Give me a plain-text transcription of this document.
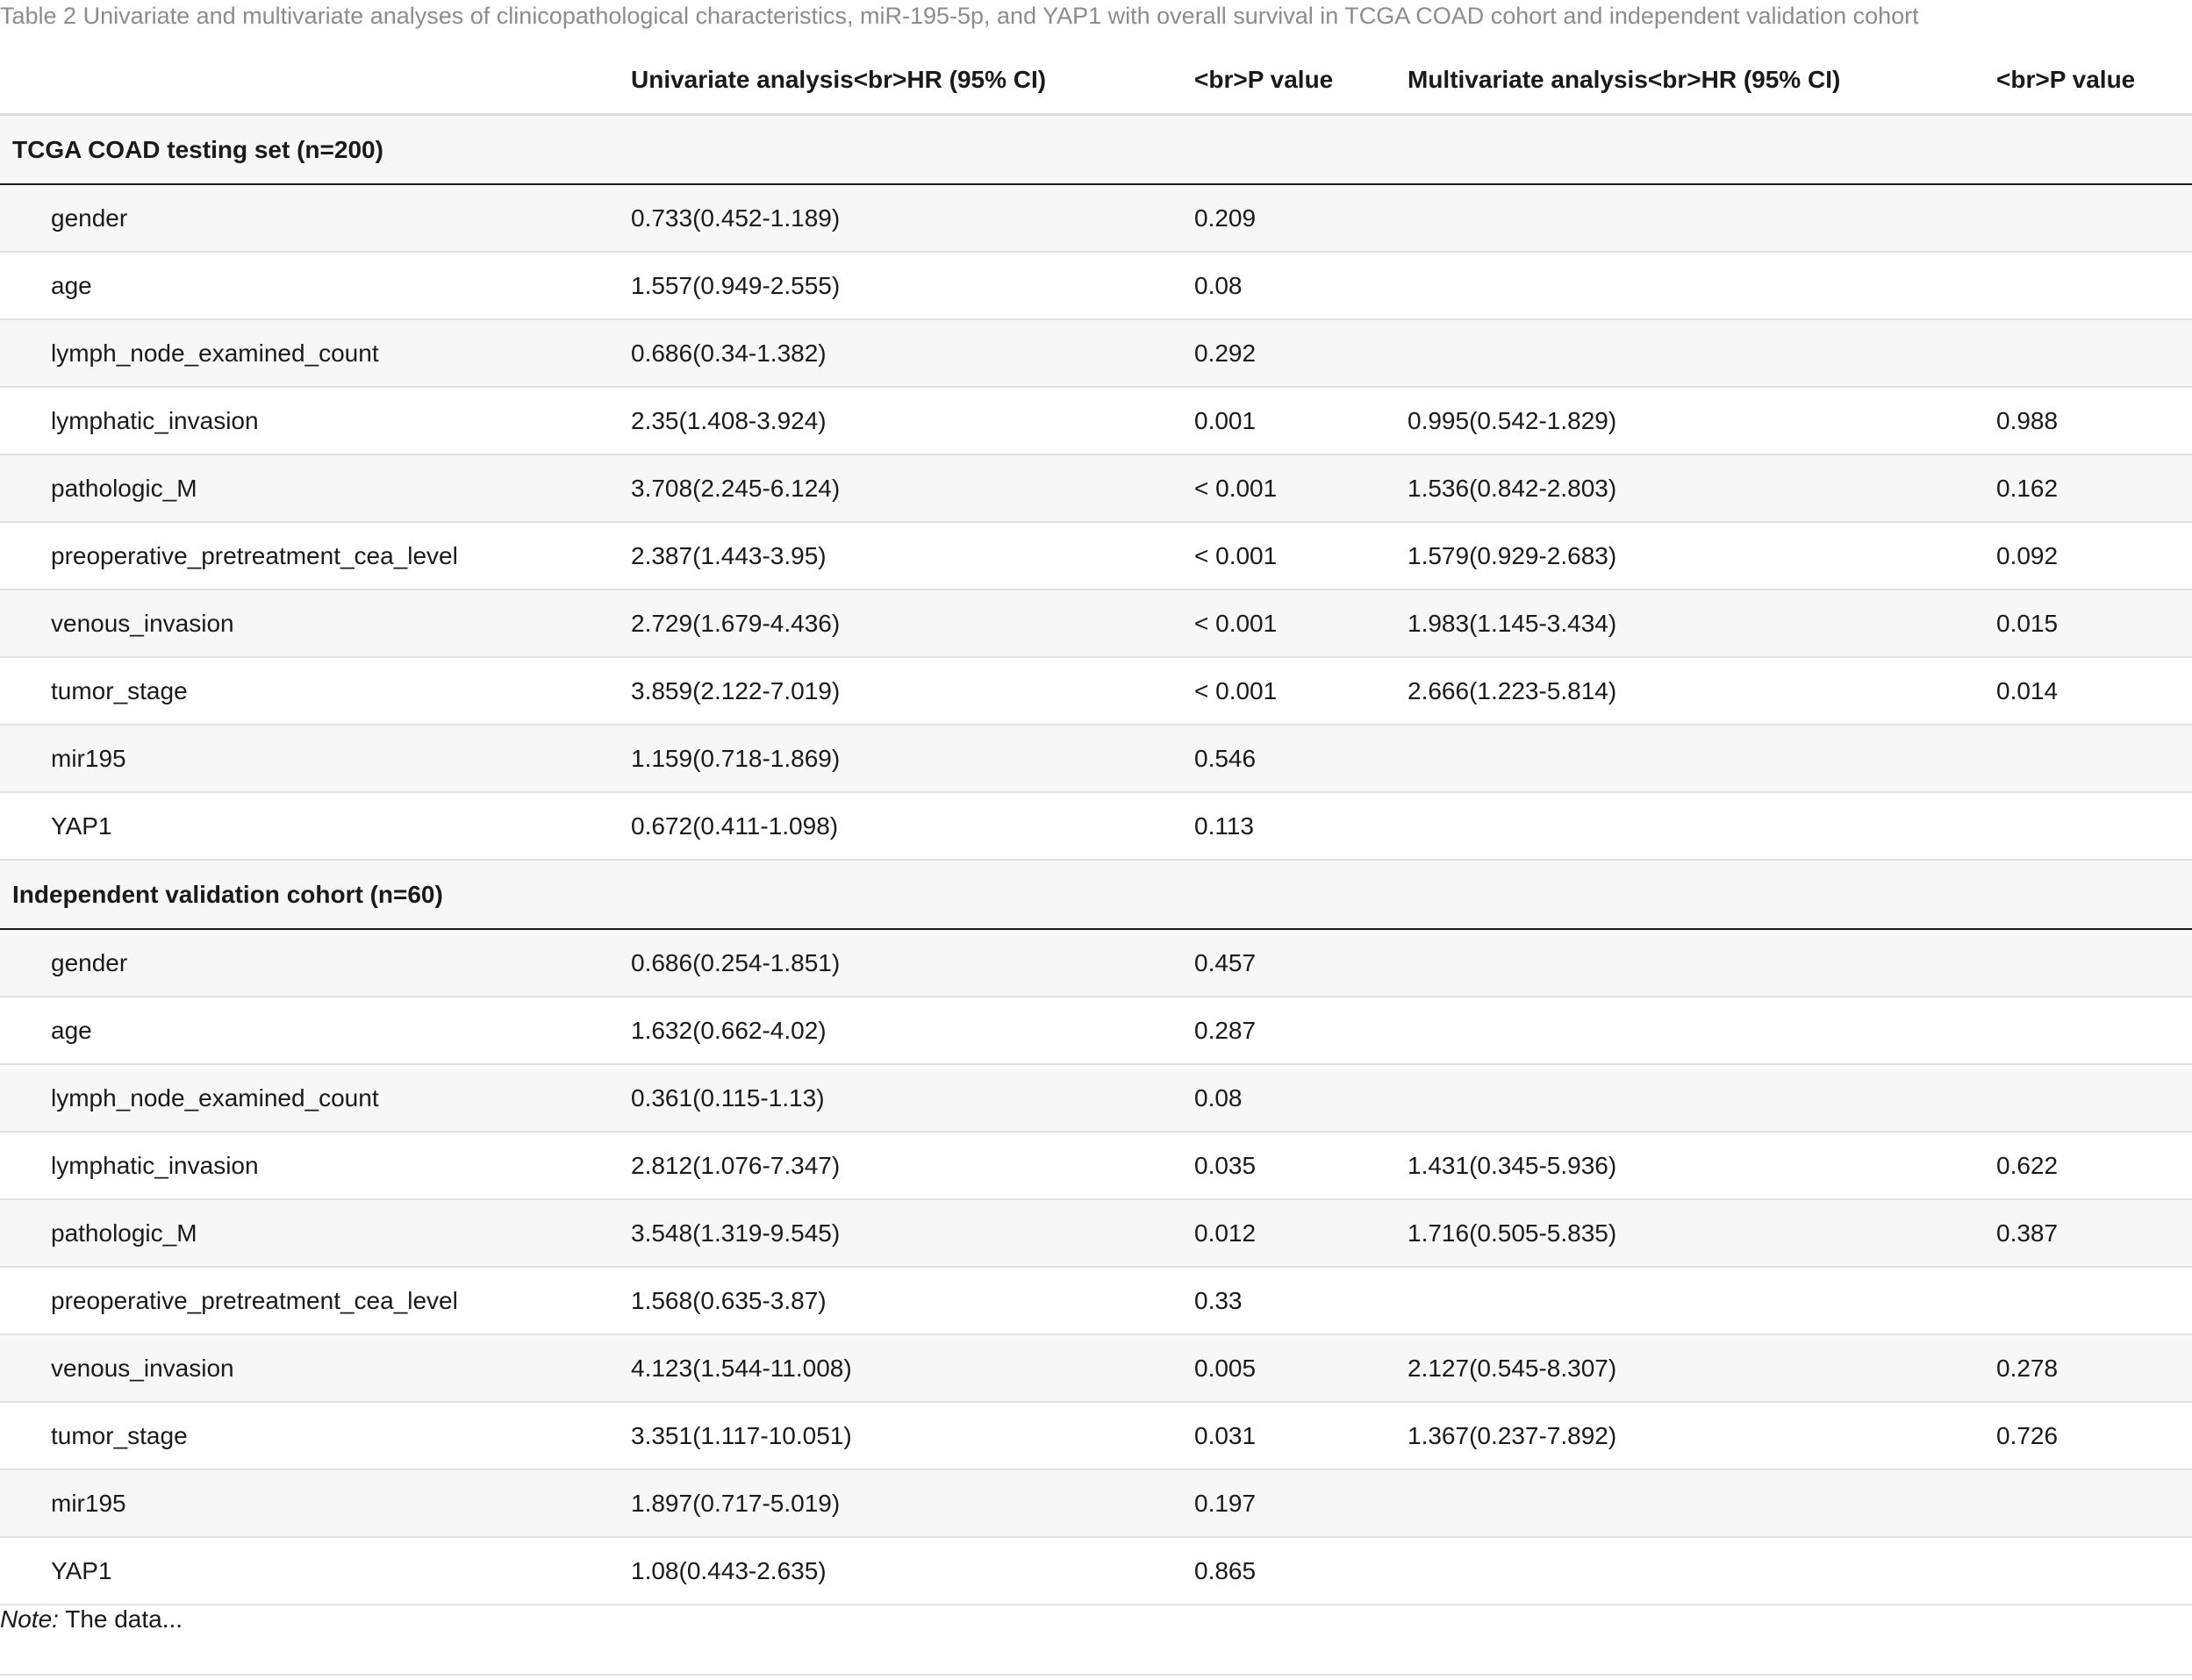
Table 2 Univariate and multivariate analyses of clinicopathological characteristics, miR-195-5p, and YAP1 with overall survival in TCGA COAD cohort and independent validation cohort
Univariate analysis<br>HR (95% CI)	<br>P value	Multivariate analysis<br>HR (95% CI)	<br>P value
TCGA COAD testing set (n=200)
gender	0.733(0.452-1.189)	0.209
age	1.557(0.949-2.555)	0.08
lymph_node_examined_count	0.686(0.34-1.382)	0.292
lymphatic_invasion	2.35(1.408-3.924)	0.001	0.995(0.542-1.829)	0.988
pathologic_M	3.708(2.245-6.124)	< 0.001	1.536(0.842-2.803)	0.162
preoperative_pretreatment_cea_level	2.387(1.443-3.95)	< 0.001	1.579(0.929-2.683)	0.092
venous_invasion	2.729(1.679-4.436)	< 0.001	1.983(1.145-3.434)	0.015
tumor_stage	3.859(2.122-7.019)	< 0.001	2.666(1.223-5.814)	0.014
mir195	1.159(0.718-1.869)	0.546
YAP1	0.672(0.411-1.098)	0.113
Independent validation cohort (n=60)
gender	0.686(0.254-1.851)	0.457
age	1.632(0.662-4.02)	0.287
lymph_node_examined_count	0.361(0.115-1.13)	0.08
lymphatic_invasion	2.812(1.076-7.347)	0.035	1.431(0.345-5.936)	0.622
pathologic_M	3.548(1.319-9.545)	0.012	1.716(0.505-5.835)	0.387
preoperative_pretreatment_cea_level	1.568(0.635-3.87)	0.33
venous_invasion	4.123(1.544-11.008)	0.005	2.127(0.545-8.307)	0.278
tumor_stage	3.351(1.117-10.051)	0.031	1.367(0.237-7.892)	0.726
mir195	1.897(0.717-5.019)	0.197
YAP1	1.08(0.443-2.635)	0.865
Note: The data...
